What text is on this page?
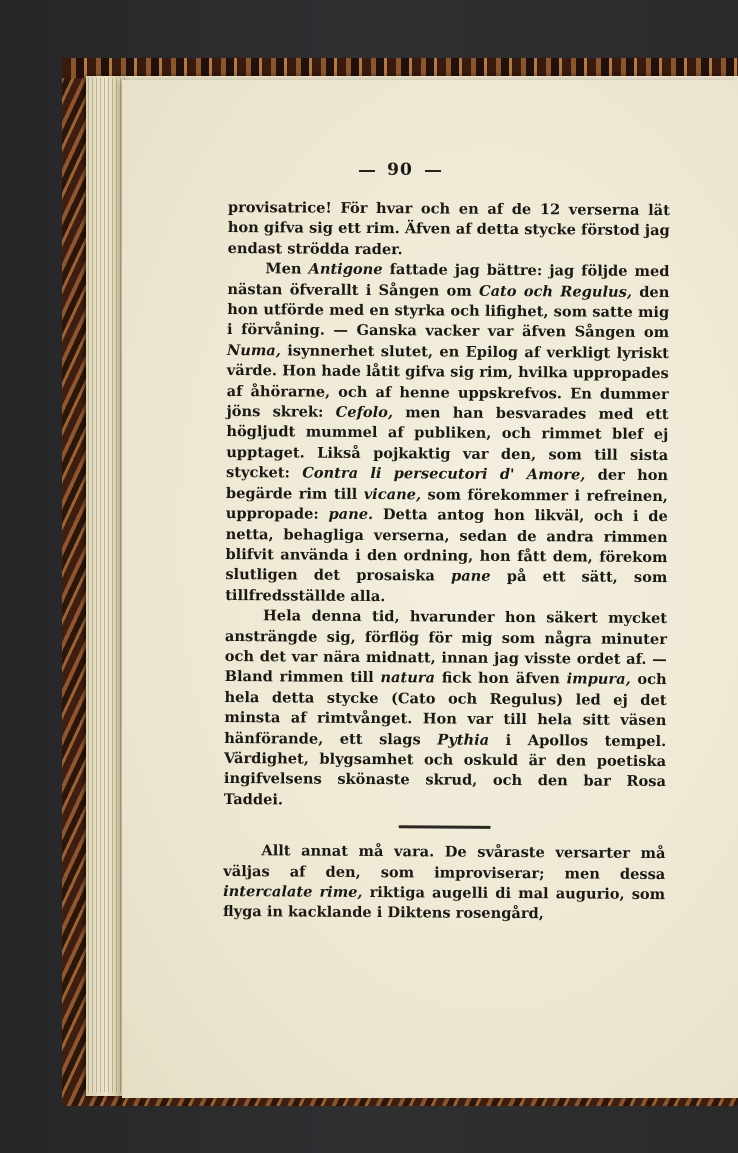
90

provisatrice! För hvar och en af de 12 verserna lät hon gifva sig ett rim. Äfven af detta stycke förstod jag endast strödda rader.

Men Antigone fattade jag bättre: jag följde med nästan öfverallt i Sången om Cato och Regulus, den hon utförde med en styrka och lifighet, som satte mig i förvåning. — Ganska vacker var äfven Sången om Numa, isynnerhet slutet, en Epilog af verkligt lyriskt värde. Hon hade låtit gifva sig rim, hvilka uppropades af åhörarne, och af henne uppskrefvos. En dummer jöns skrek: Cefolo, men han besvarades med ett högljudt mummel af publiken, och rimmet blef ej upptaget. Likså pojkaktig var den, som till sista stycket: Contra li persecutori d' Amore, der hon begärde rim till vicane, som förekommer i refreinen, uppropade: pane. Detta antog hon likväl, och i de netta, behagliga verserna, sedan de andra rimmen blifvit använda i den ordning, hon fått dem, förekom slutligen det prosaiska pane på ett sätt, som tillfredsställde alla.

Hela denna tid, hvarunder hon säkert mycket ansträngde sig, förflög för mig som några minuter och det var nära midnatt, innan jag visste ordet af. — Bland rimmen till natura fick hon äfven impura, och hela detta stycke (Cato och Regulus) led ej det minsta af rimtvånget. Hon var till hela sitt väsen hänförande, ett slags Pythia i Apollos tempel. Värdighet, blygsamhet och oskuld är den poetiska ingifvelsens skönaste skrud, och den bar Rosa Taddei.

Allt annat må vara. De svåraste versarter må väljas af den, som improviserar; men dessa intercalate rime, riktiga augelli di mal augurio, som flyga in kacklande i Diktens rosengård,
